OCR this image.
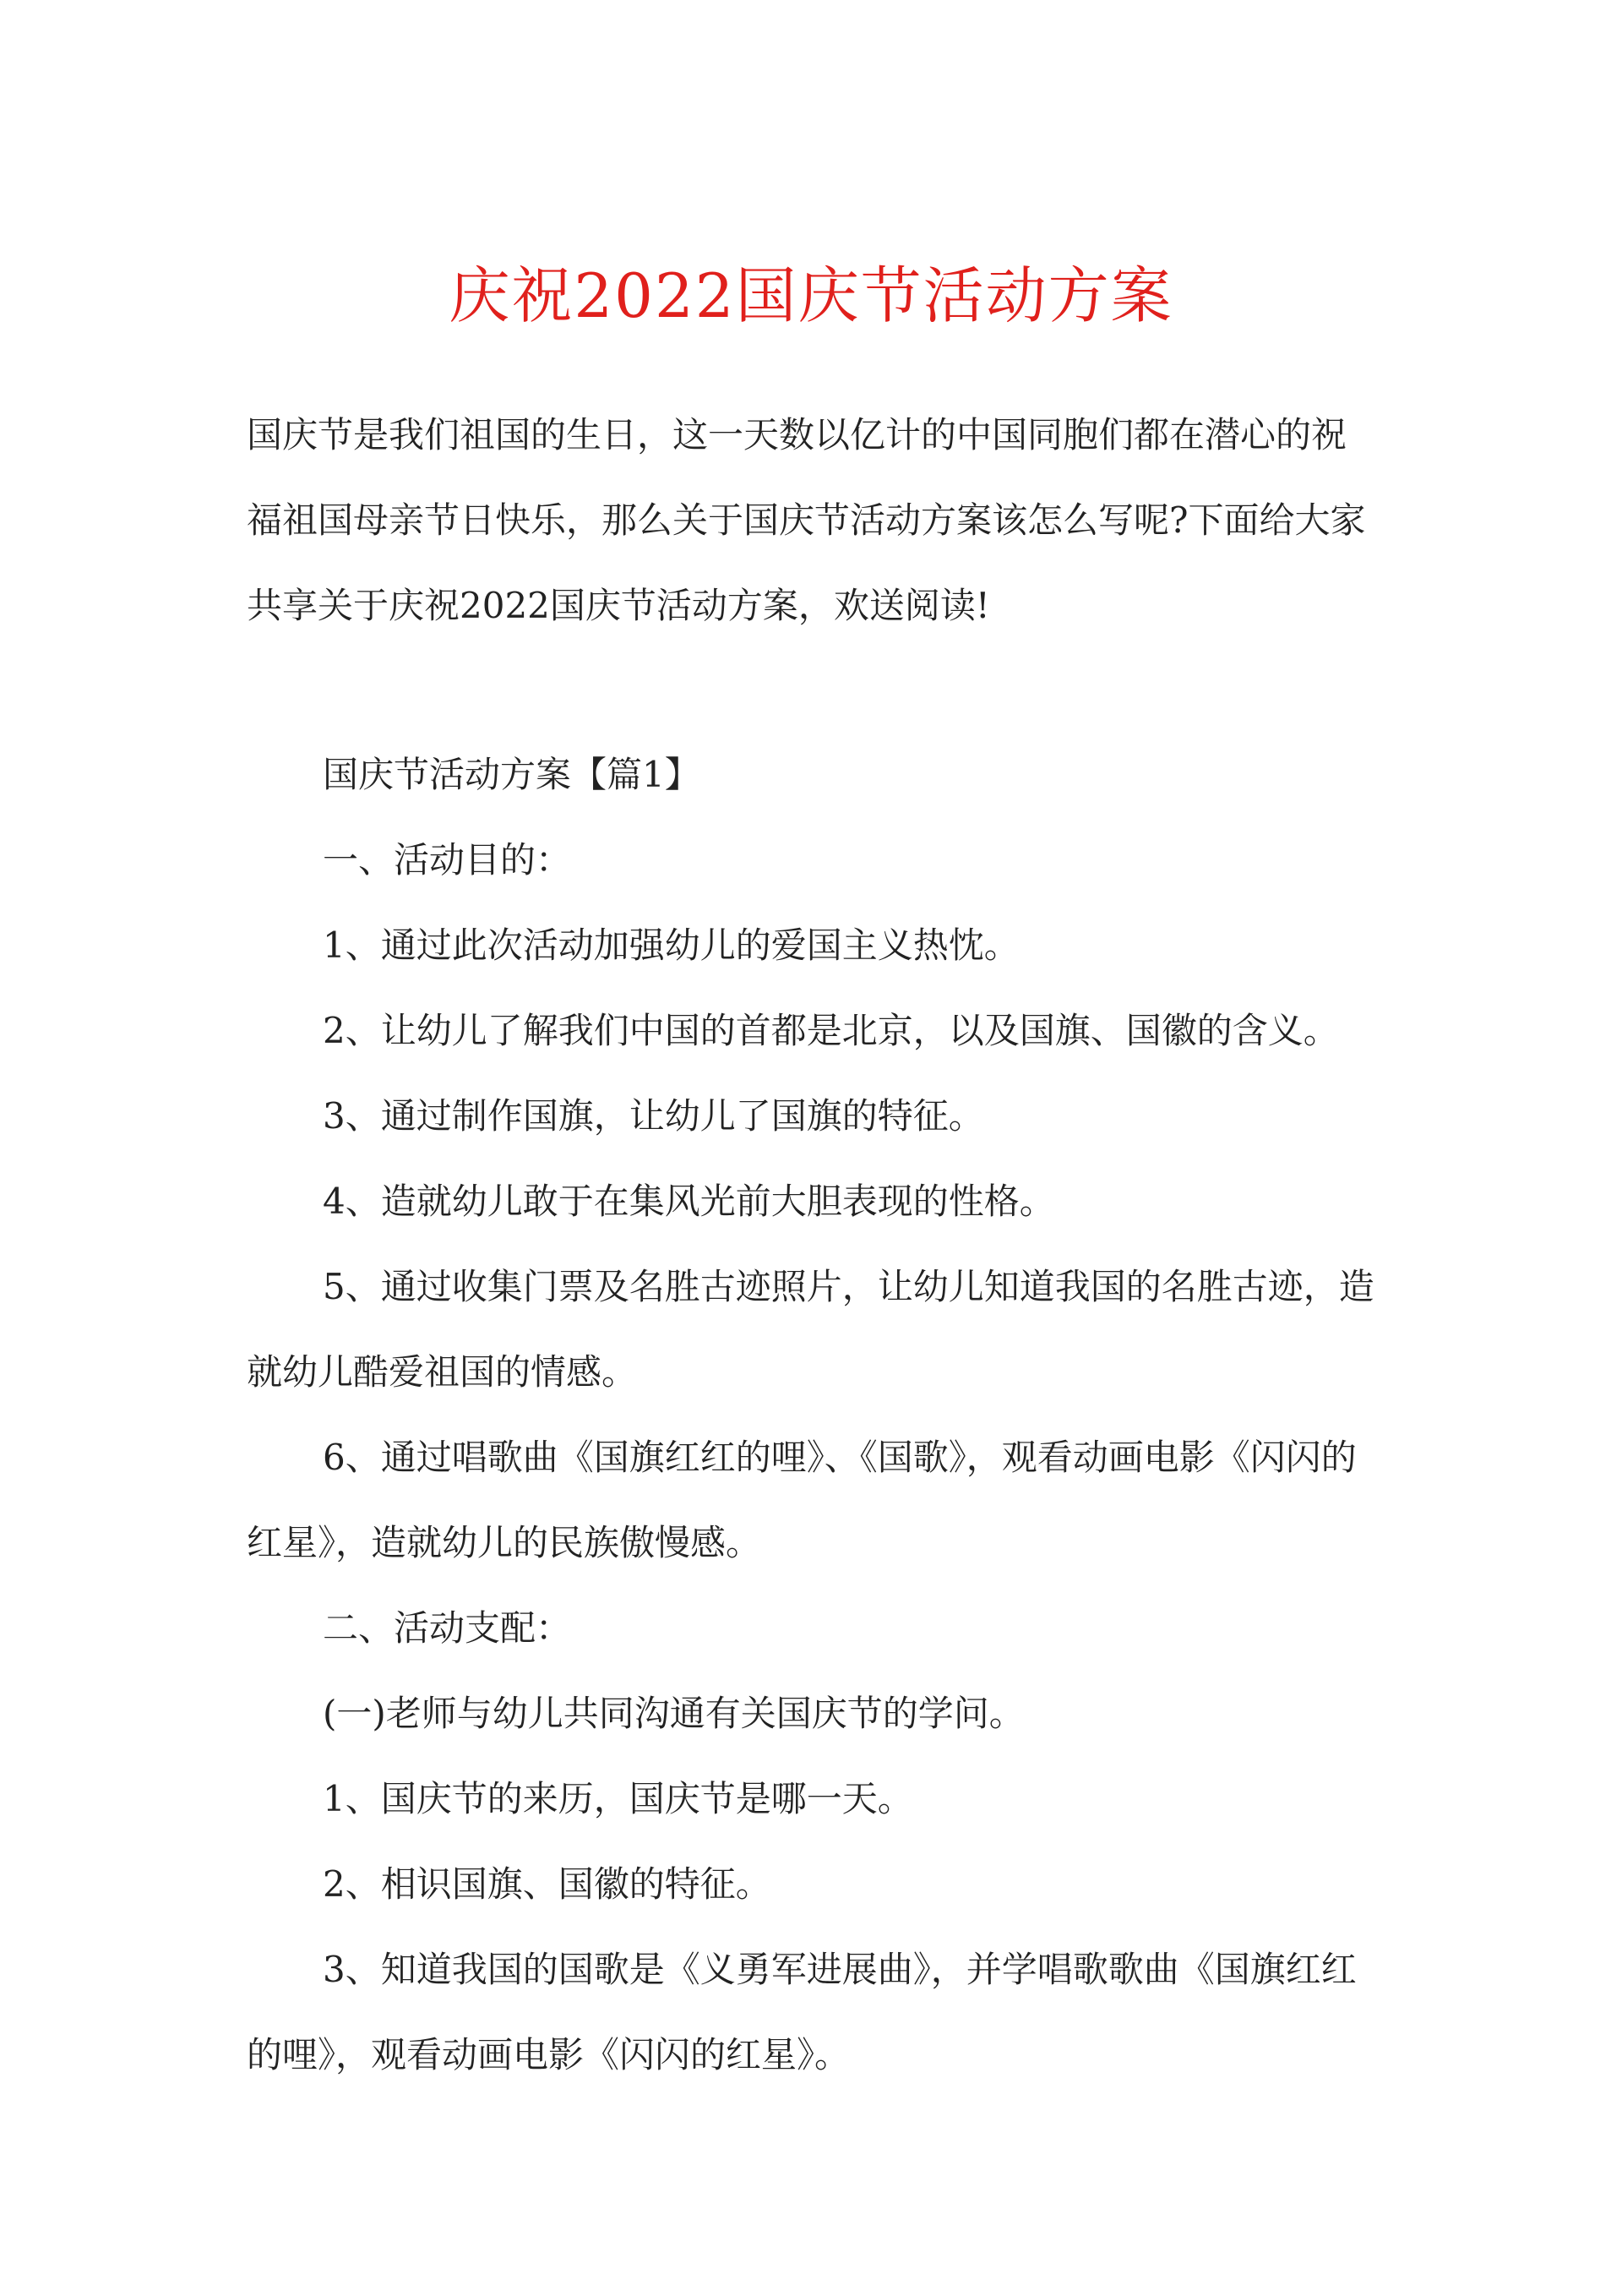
庆祝2022国庆节活动方案

国庆节是我们祖国的生日，这一天数以亿计的中国同胞们都在潜心的祝福祖国母亲节日快乐，那么关于国庆节活动方案该怎么写呢?下面给大家共享关于庆祝2022国庆节活动方案，欢送阅读!

国庆节活动方案【篇1】

一、活动目的：

1、通过此次活动加强幼儿的爱国主义热忱。

2、让幼儿了解我们中国的首都是北京，以及国旗、国徽的含义。

3、通过制作国旗，让幼儿了国旗的特征。

4、造就幼儿敢于在集风光前大胆表现的性格。

5、通过收集门票及名胜古迹照片，让幼儿知道我国的名胜古迹，造就幼儿酷爱祖国的情感。

6、通过唱歌曲《国旗红红的哩》、《国歌》，观看动画电影《闪闪的红星》，造就幼儿的民族傲慢感。

二、活动支配：

(一)老师与幼儿共同沟通有关国庆节的学问。

1、国庆节的来历，国庆节是哪一天。

2、相识国旗、国徽的特征。

3、知道我国的国歌是《义勇军进展曲》，并学唱歌歌曲《国旗红红的哩》，观看动画电影《闪闪的红星》。
